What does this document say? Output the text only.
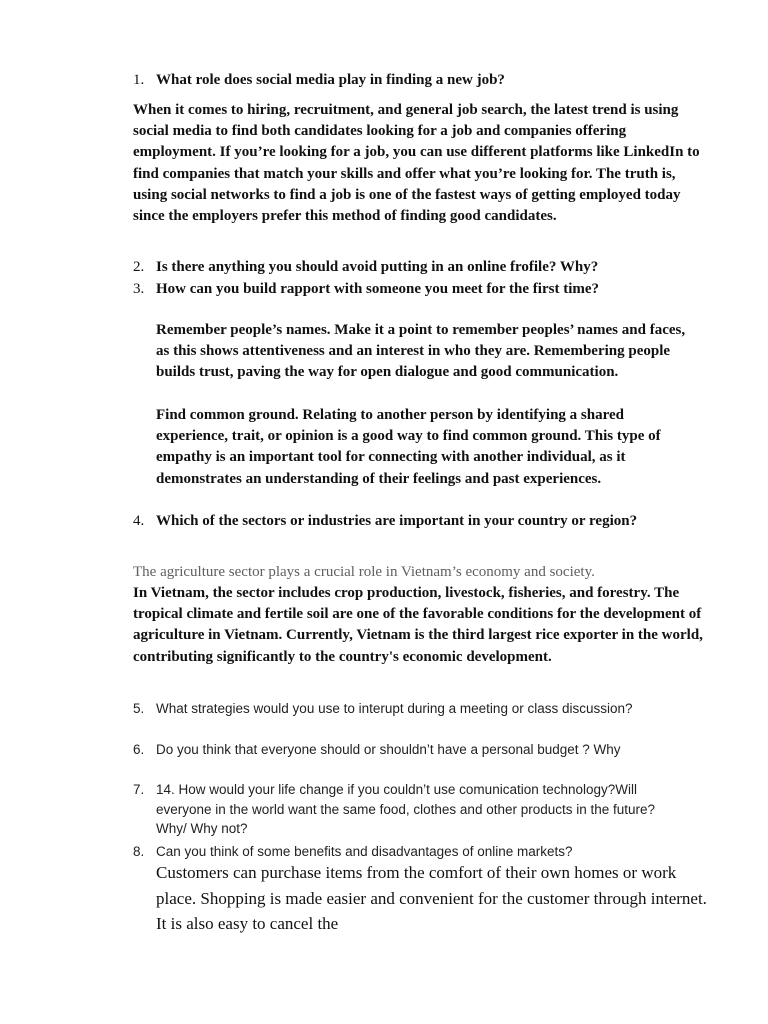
1. What role does social media play in finding a new job?

When it comes to hiring, recruitment, and general job search, the latest trend is using social media to find both candidates looking for a job and companies offering employment. If you’re looking for a job, you can use different platforms like LinkedIn to find companies that match your skills and offer what you’re looking for. The truth is, using social networks to find a job is one of the fastest ways of getting employed today since the employers prefer this method of finding good candidates.

2. Is there anything you should avoid putting in an online frofile? Why?
3. How can you build rapport with someone you meet for the first time?
Remember people’s names. Make it a point to remember peoples’ names and faces, as this shows attentiveness and an interest in who they are. Remembering people builds trust, paving the way for open dialogue and good communication.
Find common ground. Relating to another person by identifying a shared experience, trait, or opinion is a good way to find common ground. This type of empathy is an important tool for connecting with another individual, as it demonstrates an understanding of their feelings and past experiences.
4. Which of the sectors or industries are important in your country or region?
The agriculture sector plays a crucial role in Vietnam’s economy and society.
In Vietnam, the sector includes crop production, livestock, fisheries, and forestry. The tropical climate and fertile soil are one of the favorable conditions for the development of agriculture in Vietnam. Currently, Vietnam is the third largest rice exporter in the world, contributing significantly to the country's economic development.
5. What strategies would you use to interupt during a meeting or class discussion?
6. Do you think that everyone should or shouldn’t have a personal budget ? Why
7. 14. How would your life change if you couldn’t use comunication technology?Will everyone in the world want the same food, clothes and other products in the future? Why/ Why not?
8. Can you think of some benefits and disadvantages of online markets?
Customers can purchase items from the comfort of their own homes or work place. Shopping is made easier and convenient for the customer through internet. It is also easy to cancel the
